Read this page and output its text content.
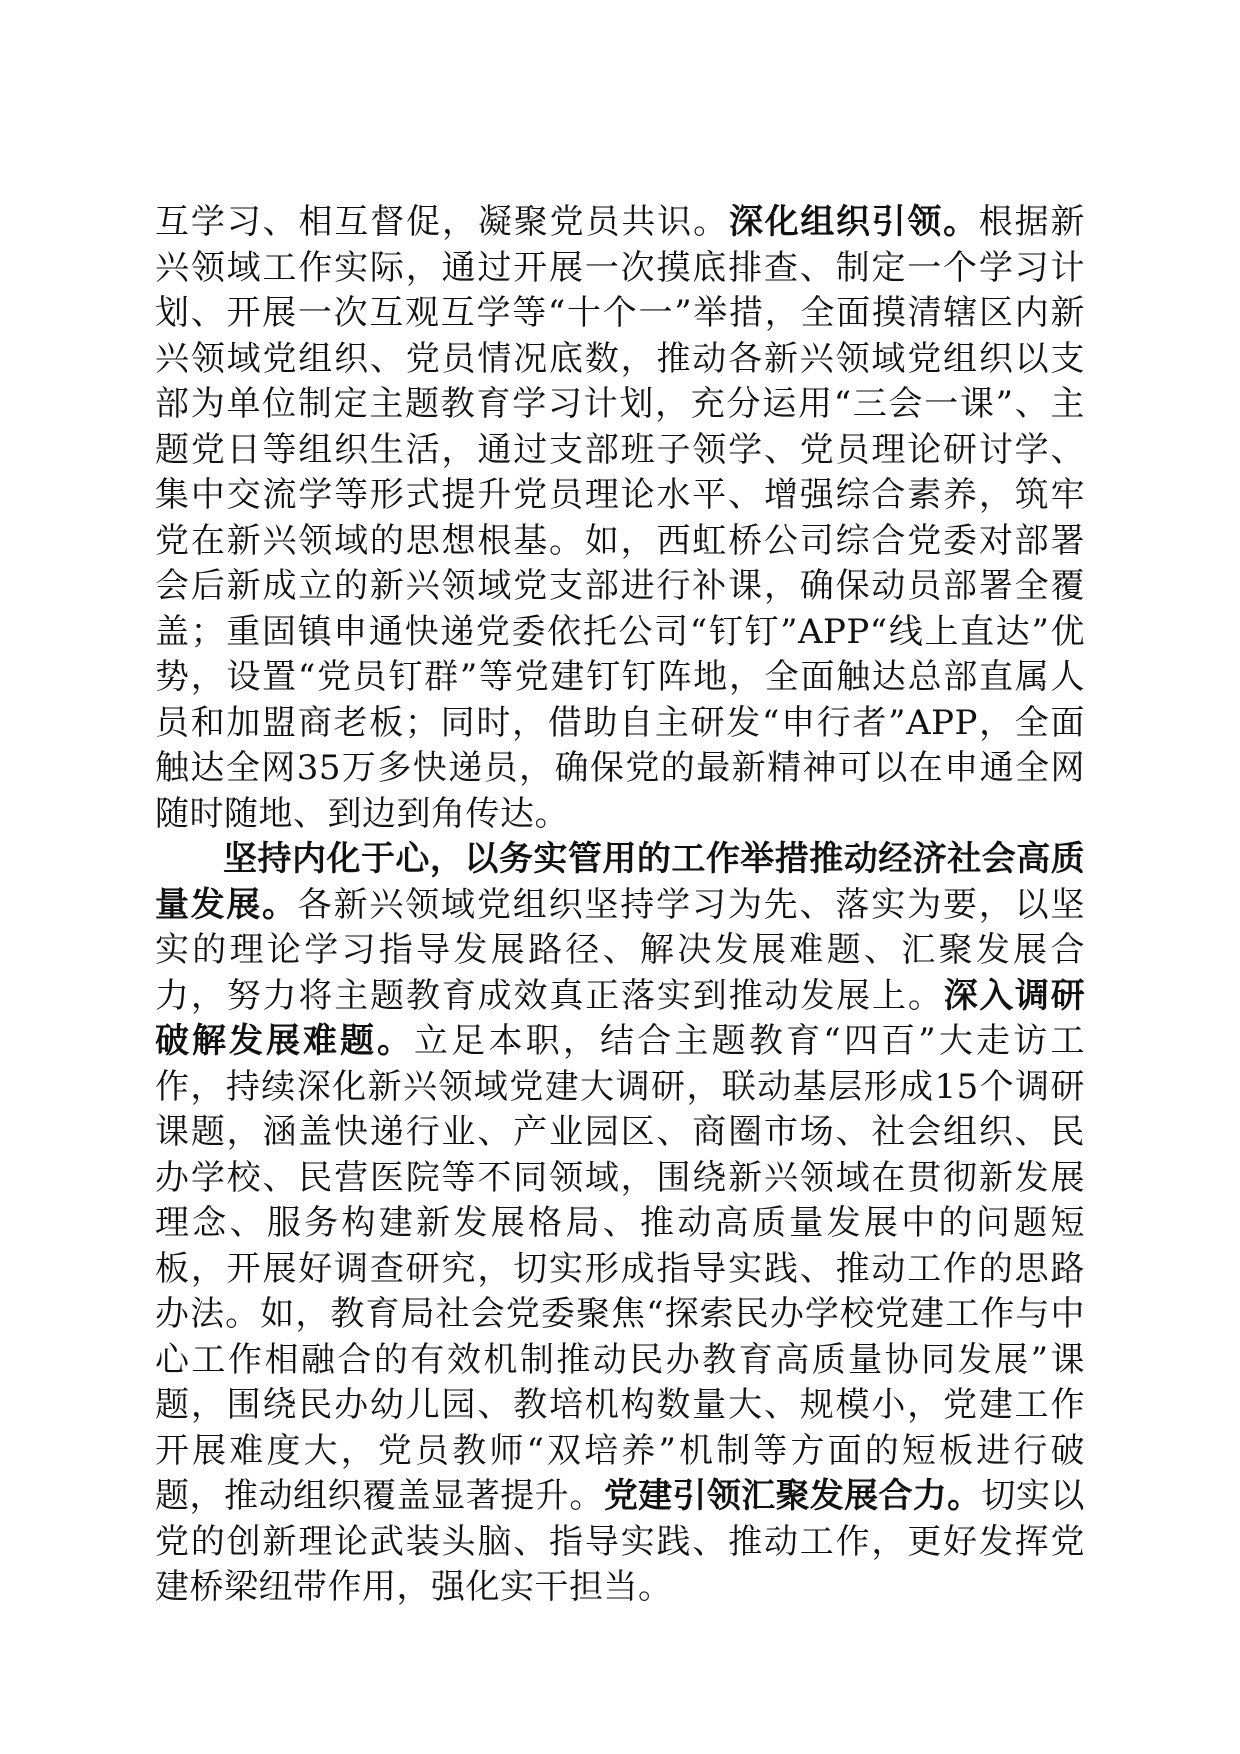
互学习、相互督促，凝聚党员共识。深化组织引领。根据新兴领域工作实际，通过开展一次摸底排查、制定一个学习计划、开展一次互观互学等“十个一”举措，全面摸清辖区内新兴领域党组织、党员情况底数，推动各新兴领域党组织以支部为单位制定主题教育学习计划，充分运用“三会一课”、主题党日等组织生活，通过支部班子领学、党员理论研讨学、集中交流学等形式提升党员理论水平、增强综合素养，筑牢党在新兴领域的思想根基。如，西虹桥公司综合党委对部署会后新成立的新兴领域党支部进行补课，确保动员部署全覆盖；重固镇申通快递党委依托公司“钉钉”APP“线上直达”优势，设置“党员钉群”等党建钉钉阵地，全面触达总部直属人员和加盟商老板；同时，借助自主研发“申行者”APP，全面触达全网35万多快递员，确保党的最新精神可以在申通全网随时随地、到边到角传达。

坚持内化于心，以务实管用的工作举措推动经济社会高质量发展。各新兴领域党组织坚持学习为先、落实为要，以坚实的理论学习指导发展路径、解决发展难题、汇聚发展合力，努力将主题教育成效真正落实到推动发展上。深入调研破解发展难题。立足本职，结合主题教育“四百”大走访工作，持续深化新兴领域党建大调研，联动基层形成15个调研课题，涵盖快递行业、产业园区、商圈市场、社会组织、民办学校、民营医院等不同领域，围绕新兴领域在贯彻新发展理念、服务构建新发展格局、推动高质量发展中的问题短板，开展好调查研究，切实形成指导实践、推动工作的思路办法。如，教育局社会党委聚焦“探索民办学校党建工作与中心工作相融合的有效机制推动民办教育高质量协同发展”课题，围绕民办幼儿园、教培机构数量大、规模小，党建工作开展难度大，党员教师“双培养”机制等方面的短板进行破题，推动组织覆盖显著提升。党建引领汇聚发展合力。切实以党的创新理论武装头脑、指导实践、推动工作，更好发挥党建桥梁纽带作用，强化实干担当。
